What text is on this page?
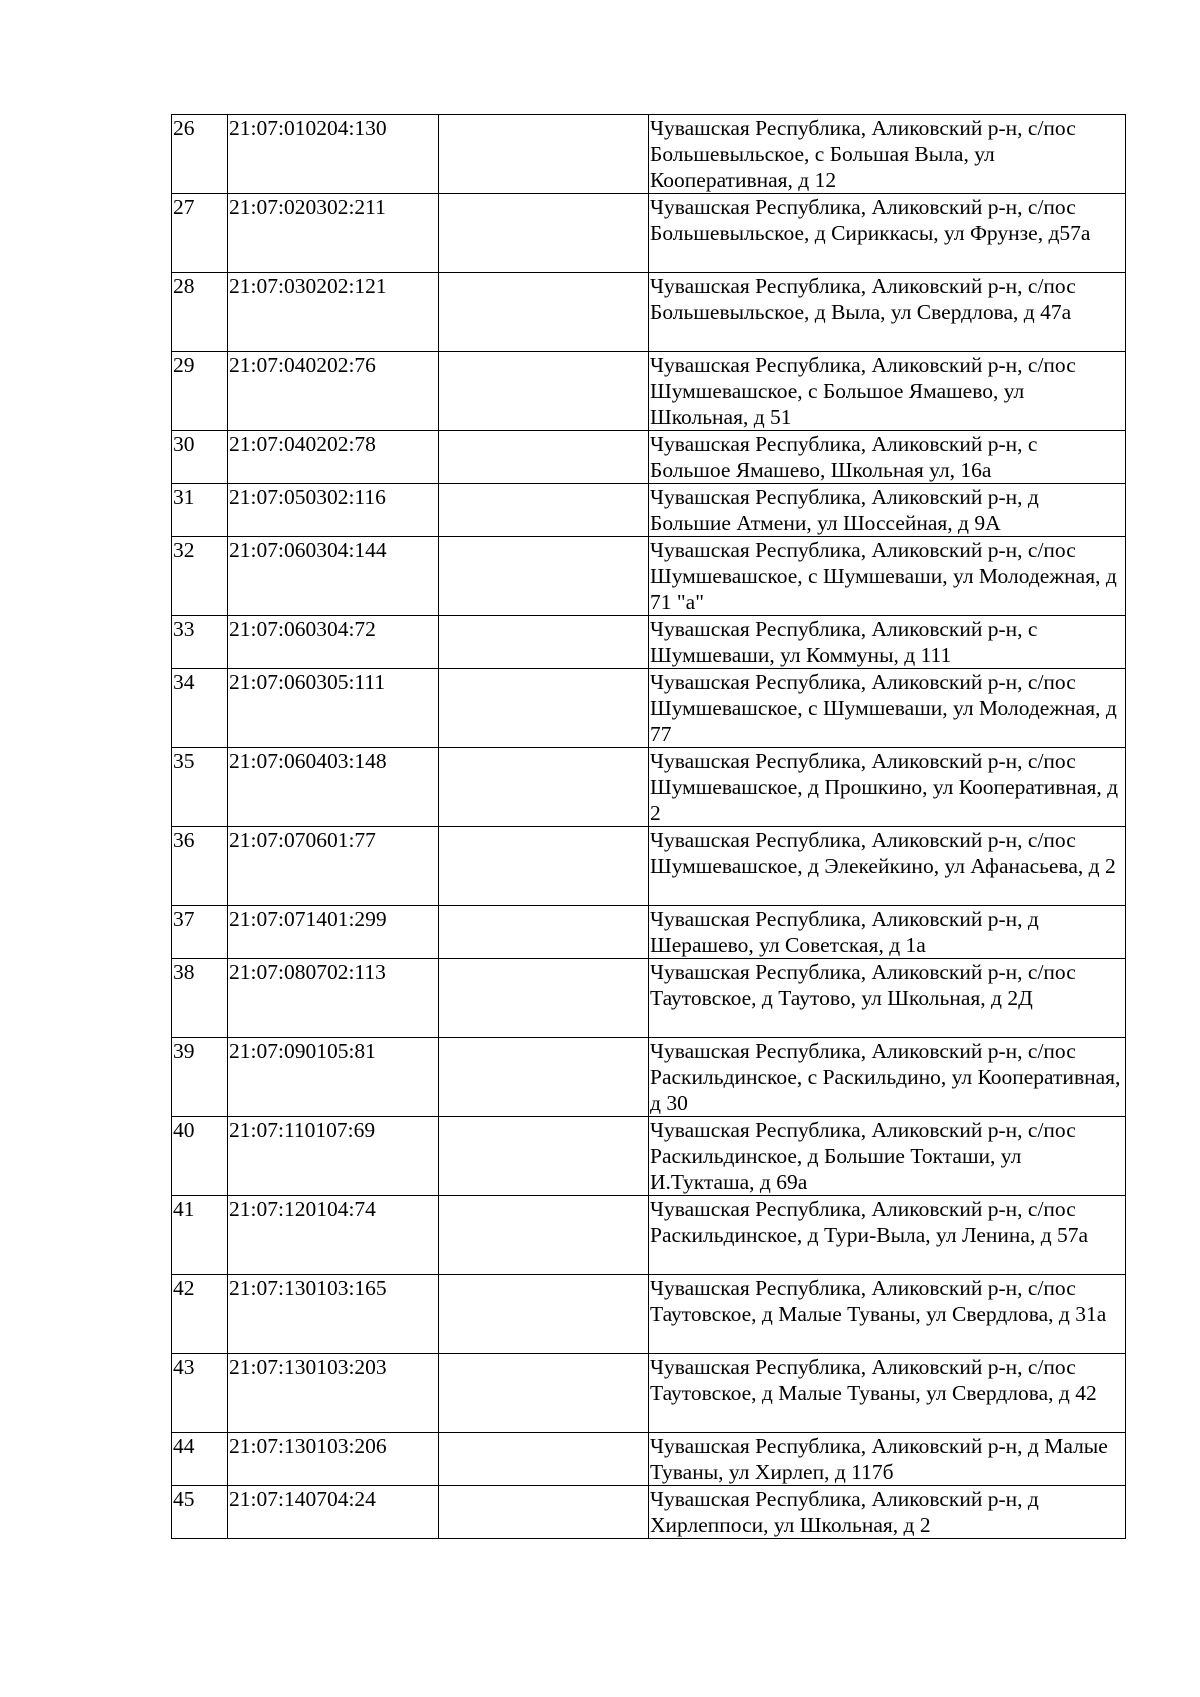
26	21:07:010204:130		Чувашская Республика, Аликовский р-н, с/пос Большевыльское, с Большая Выла, ул Кооперативная, д 12
27	21:07:020302:211		Чувашская Республика, Аликовский р-н, с/пос Большевыльское, д Сириккасы, ул Фрунзе, д57а
28	21:07:030202:121		Чувашская Республика, Аликовский р-н, с/пос Большевыльское, д Выла, ул Свердлова, д 47а
29	21:07:040202:76		Чувашская Республика, Аликовский р-н, с/пос Шумшевашское, с Большое Ямашево, ул Школьная, д 51
30	21:07:040202:78		Чувашская Республика, Аликовский р-н, с Большое Ямашево, Школьная ул, 16а
31	21:07:050302:116		Чувашская Республика, Аликовский р-н, д Большие Атмени, ул Шоссейная, д 9А
32	21:07:060304:144		Чувашская Республика, Аликовский р-н, с/пос Шумшевашское, с Шумшеваши, ул Молодежная, д 71 "а"
33	21:07:060304:72		Чувашская Республика, Аликовский р-н, с Шумшеваши, ул Коммуны, д 111
34	21:07:060305:111		Чувашская Республика, Аликовский р-н, с/пос Шумшевашское, с Шумшеваши, ул Молодежная, д 77
35	21:07:060403:148		Чувашская Республика, Аликовский р-н, с/пос Шумшевашское, д Прошкино, ул Кооперативная, д 2
36	21:07:070601:77		Чувашская Республика, Аликовский р-н, с/пос Шумшевашское, д Элекейкино, ул Афанасьева, д 2
37	21:07:071401:299		Чувашская Республика, Аликовский р-н, д Шерашево, ул Советская, д 1а
38	21:07:080702:113		Чувашская Республика, Аликовский р-н, с/пос Таутовское, д Таутово, ул Школьная, д 2Д
39	21:07:090105:81		Чувашская Республика, Аликовский р-н, с/пос Раскильдинское, с Раскильдино, ул Кооперативная, д 30
40	21:07:110107:69		Чувашская Республика, Аликовский р-н, с/пос Раскильдинское, д Большие Токташи, ул И.Тукташа, д 69а
41	21:07:120104:74		Чувашская Республика, Аликовский р-н, с/пос Раскильдинское, д Тури-Выла, ул Ленина, д 57а
42	21:07:130103:165		Чувашская Республика, Аликовский р-н, с/пос Таутовское, д Малые Туваны, ул Свердлова, д 31а
43	21:07:130103:203		Чувашская Республика, Аликовский р-н, с/пос Таутовское, д Малые Туваны, ул Свердлова, д 42
44	21:07:130103:206		Чувашская Республика, Аликовский р-н, д Малые Туваны, ул Хирлеп, д 117б
45	21:07:140704:24		Чувашская Республика, Аликовский р-н, д Хирлеппоси, ул Школьная, д 2
